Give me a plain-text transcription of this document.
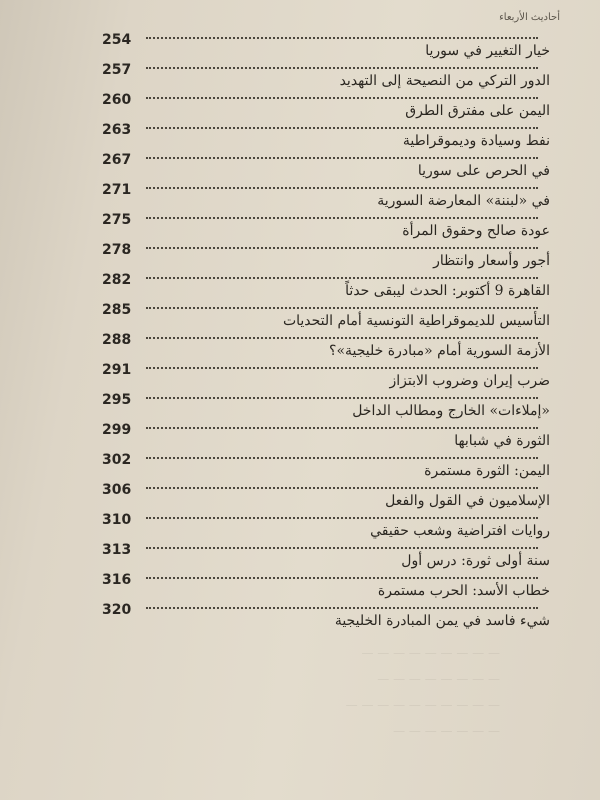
أحاديث الأربعاء
254
خيار التغيير في سوريا
257
الدور التركي من النصيحة إلى التهديد
260
اليمن على مفترق الطرق
263
نفط وسيادة وديموقراطية
267
في الحرص على سوريا
271
في «لبننة» المعارضة السورية
275
عودة صالح وحقوق المرأة
278
أجور وأسعار وانتظار
282
القاهرة 9 أكتوبر: الحدث ليبقى حدثاً
285
التأسيس للديموقراطية التونسية أمام التحديات
288
الأزمة السورية أمام «مبادرة خليجية»؟
291
ضرب إيران وضروب الابتزاز
295
«إملاءات» الخارج ومطالب الداخل
299
الثورة في شبابها
302
اليمن: الثورة مستمرة
306
الإسلاميون في القول والفعل
310
روايات افتراضية وشعب حقيقي
313
سنة أولى ثورة: درس أول
316
خطاب الأسد: الحرب مستمرة
320
شيء فاسد في يمن المبادرة الخليجية
— — — — — — — — —
— — — — — — — —
— — — — — — — — — —
— — — — — — —
